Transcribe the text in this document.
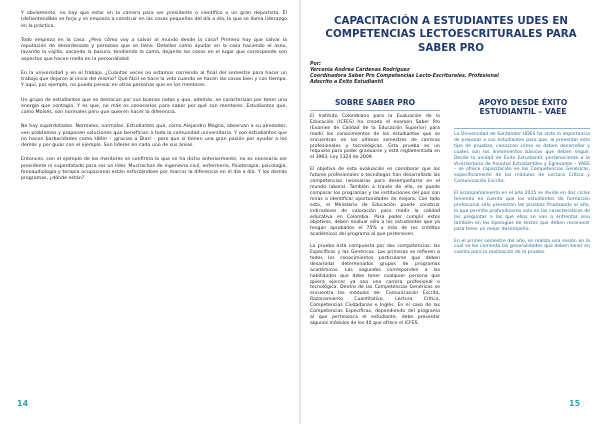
Y obviamente, no hay que estar en la carrera para ser presidente o científico o un gran deportista. Él (del)entendible se forja y se empieza a construir en las cosas pequeñas del día a día, lo que se llama liderazgo en la práctica.

Todo empieza en la casa. ¿Pero cómo voy a salvar al mundo desde la casa? Primero hay que salvar la reputación de desordenado y perezoso que se tiene. Detalles como ayudar en la casa haciendo el aseo, lavando la vajilla, sacando la basura, tendiendo la cama, dejando las cosas en el lugar que corresponde son aspectos que hacen mella en la personalidad.

En la universidad y en el trabajo. ¿Cuántas veces no estamos corriendo al final del semestre para hacer un trabajo que dejaron al inicio del mismo? Qué fácil se hace la vida cuando se hacen las cosas bien y con tiempo. Y aquí, por ejemplo, no puedo pensar en otras personas que en los mentores.

Un grupo de estudiantes que se destacan por sus buenas notas y que, además, se caracterizan por tener una energía que contagia. Y es que, no más es conocerlos para saber por qué son mentores. Estudiantes que, como Moisés, son normales pero que quieren hacer la diferencia.

No hay superdotados. Normales, normales. Estudiantes que, como Alejandro Magno, observan a su alrededor, ven problemas y proponen soluciones que benefician a toda la comunidad universitaria. Y son estudiantes que no hacen barbaridades como Hitler - ¡gracias a Dios! - pero que sí tienen una gran pasión por ayudar a los demás y por guiar con el ejemplo. Son líderes en cada uno de sus áreas.

Entonces, con el ejemplo de los mentores se confirma lo que se ha dicho anteriormente, no es necesario ser presidente ni superdotado para ser un líder. Muchachos de ingeniería civil, enfermería, fisioterapia, psicología, fonoaudiología y terapia ocupacional están esforzándose por marcar la diferencia en el día a día. Y los demás programas, ¿dónde están?

14
CAPACITACIÓN A ESTUDIANTES UDES EN COMPETENCIAS LECTOESCRITURALES PARA SABER PRO
Por:
Yercenia Andrea Cárdenas Rodríguez
Coordinadora Saber Pro Competencias Lecto-Escriturales. Profesional
Adscrito a Éxito Estudiantil
SOBRE SABER PRO

El Instituto Colombiano para la Evaluación de la Educación (ICFES) ha creado el examen Saber Pro (Examen de Calidad de la Educación Superior) para medir los conocimientos de los estudiantes que se encuentran en los últimos semestres de carreras profesionales y tecnológicas. Esta prueba es un requisito para poder graduarse y está reglamentada en el 3963, Ley 1324 de 2009.

El objetivo de esta evaluación es corroborar que los futuros profesionales o tecnólogos han desarrollado las competencias necesarias para desempeñarse en el mundo laboral. También a través de ella, se puede comparar los programas y las instituciones del país con miras a identificar oportunidades de mejora. Con todo esto, el Ministerio de Educación puede construir indicadores de valoración para medir la calidad educativa en Colombia. Para poder cumplir estos objetivos, deben evaluar sólo a los estudiantes que ya tengan aprobados el 75% o más de los créditos académicos del programa al que pertenecen.

La prueba está compuesta por dos competencias: las Específicas y las Genéricas. Las primeras se refieren a todos los conocimientos particulares que deben desarrollar determinados grupos de programas académicos. Las segundas corresponden a las habilidades que debe tener cualquier persona que quiera ejercer ya sea una carrera profesional o tecnológica. Dentro de las Competencias Genéricas se encuentra los módulos de: Comunicación Escrita, Razonamiento Cuantitativo, Lectura Crítica, Competencias Ciudadanas e Inglés. En el caso de las Competencias Específicas, dependiendo del programa al que pertenezca el estudiante, debe presentar algunos módulos de los 40 que ofrece el ICFES.

APOYO DESDE ÉXITO ESTUDIANTIL – VAEE

La Universidad de Santander UDES ha visto la importancia de preparar a sus estudiantes para que, al presentar este tipo de pruebas, conozcan cómo se deben desarrollar y cuáles son los lineamientos básicos que deben seguir. Desde la unidad de Éxito Estudiantil, perteneciente a la Vicerrectoría de Asuntos Estudiantiles y Egresados – VAEE – se ofrece capacitación en las Competencias Genéricas, específicamente de los módulos de Lectura Crítica y Comunicación Escrita.

El acompañamiento en el año 2015 se divide en dos ciclos teniendo en cuenta que los estudiantes de formación profesional sólo presentan las pruebas finalizando el año, lo que permite profundizarno solo en las características de las preguntas a las que ellos se van a enfrentar sino también en las tipologías de textos que deben reconocer para tener un mejor desempeño.

En el primer semestre del año, se realiza una sesión en la cual se les comenta las generalidades que deben tener en cuenta para la realización de la prueba.

15
